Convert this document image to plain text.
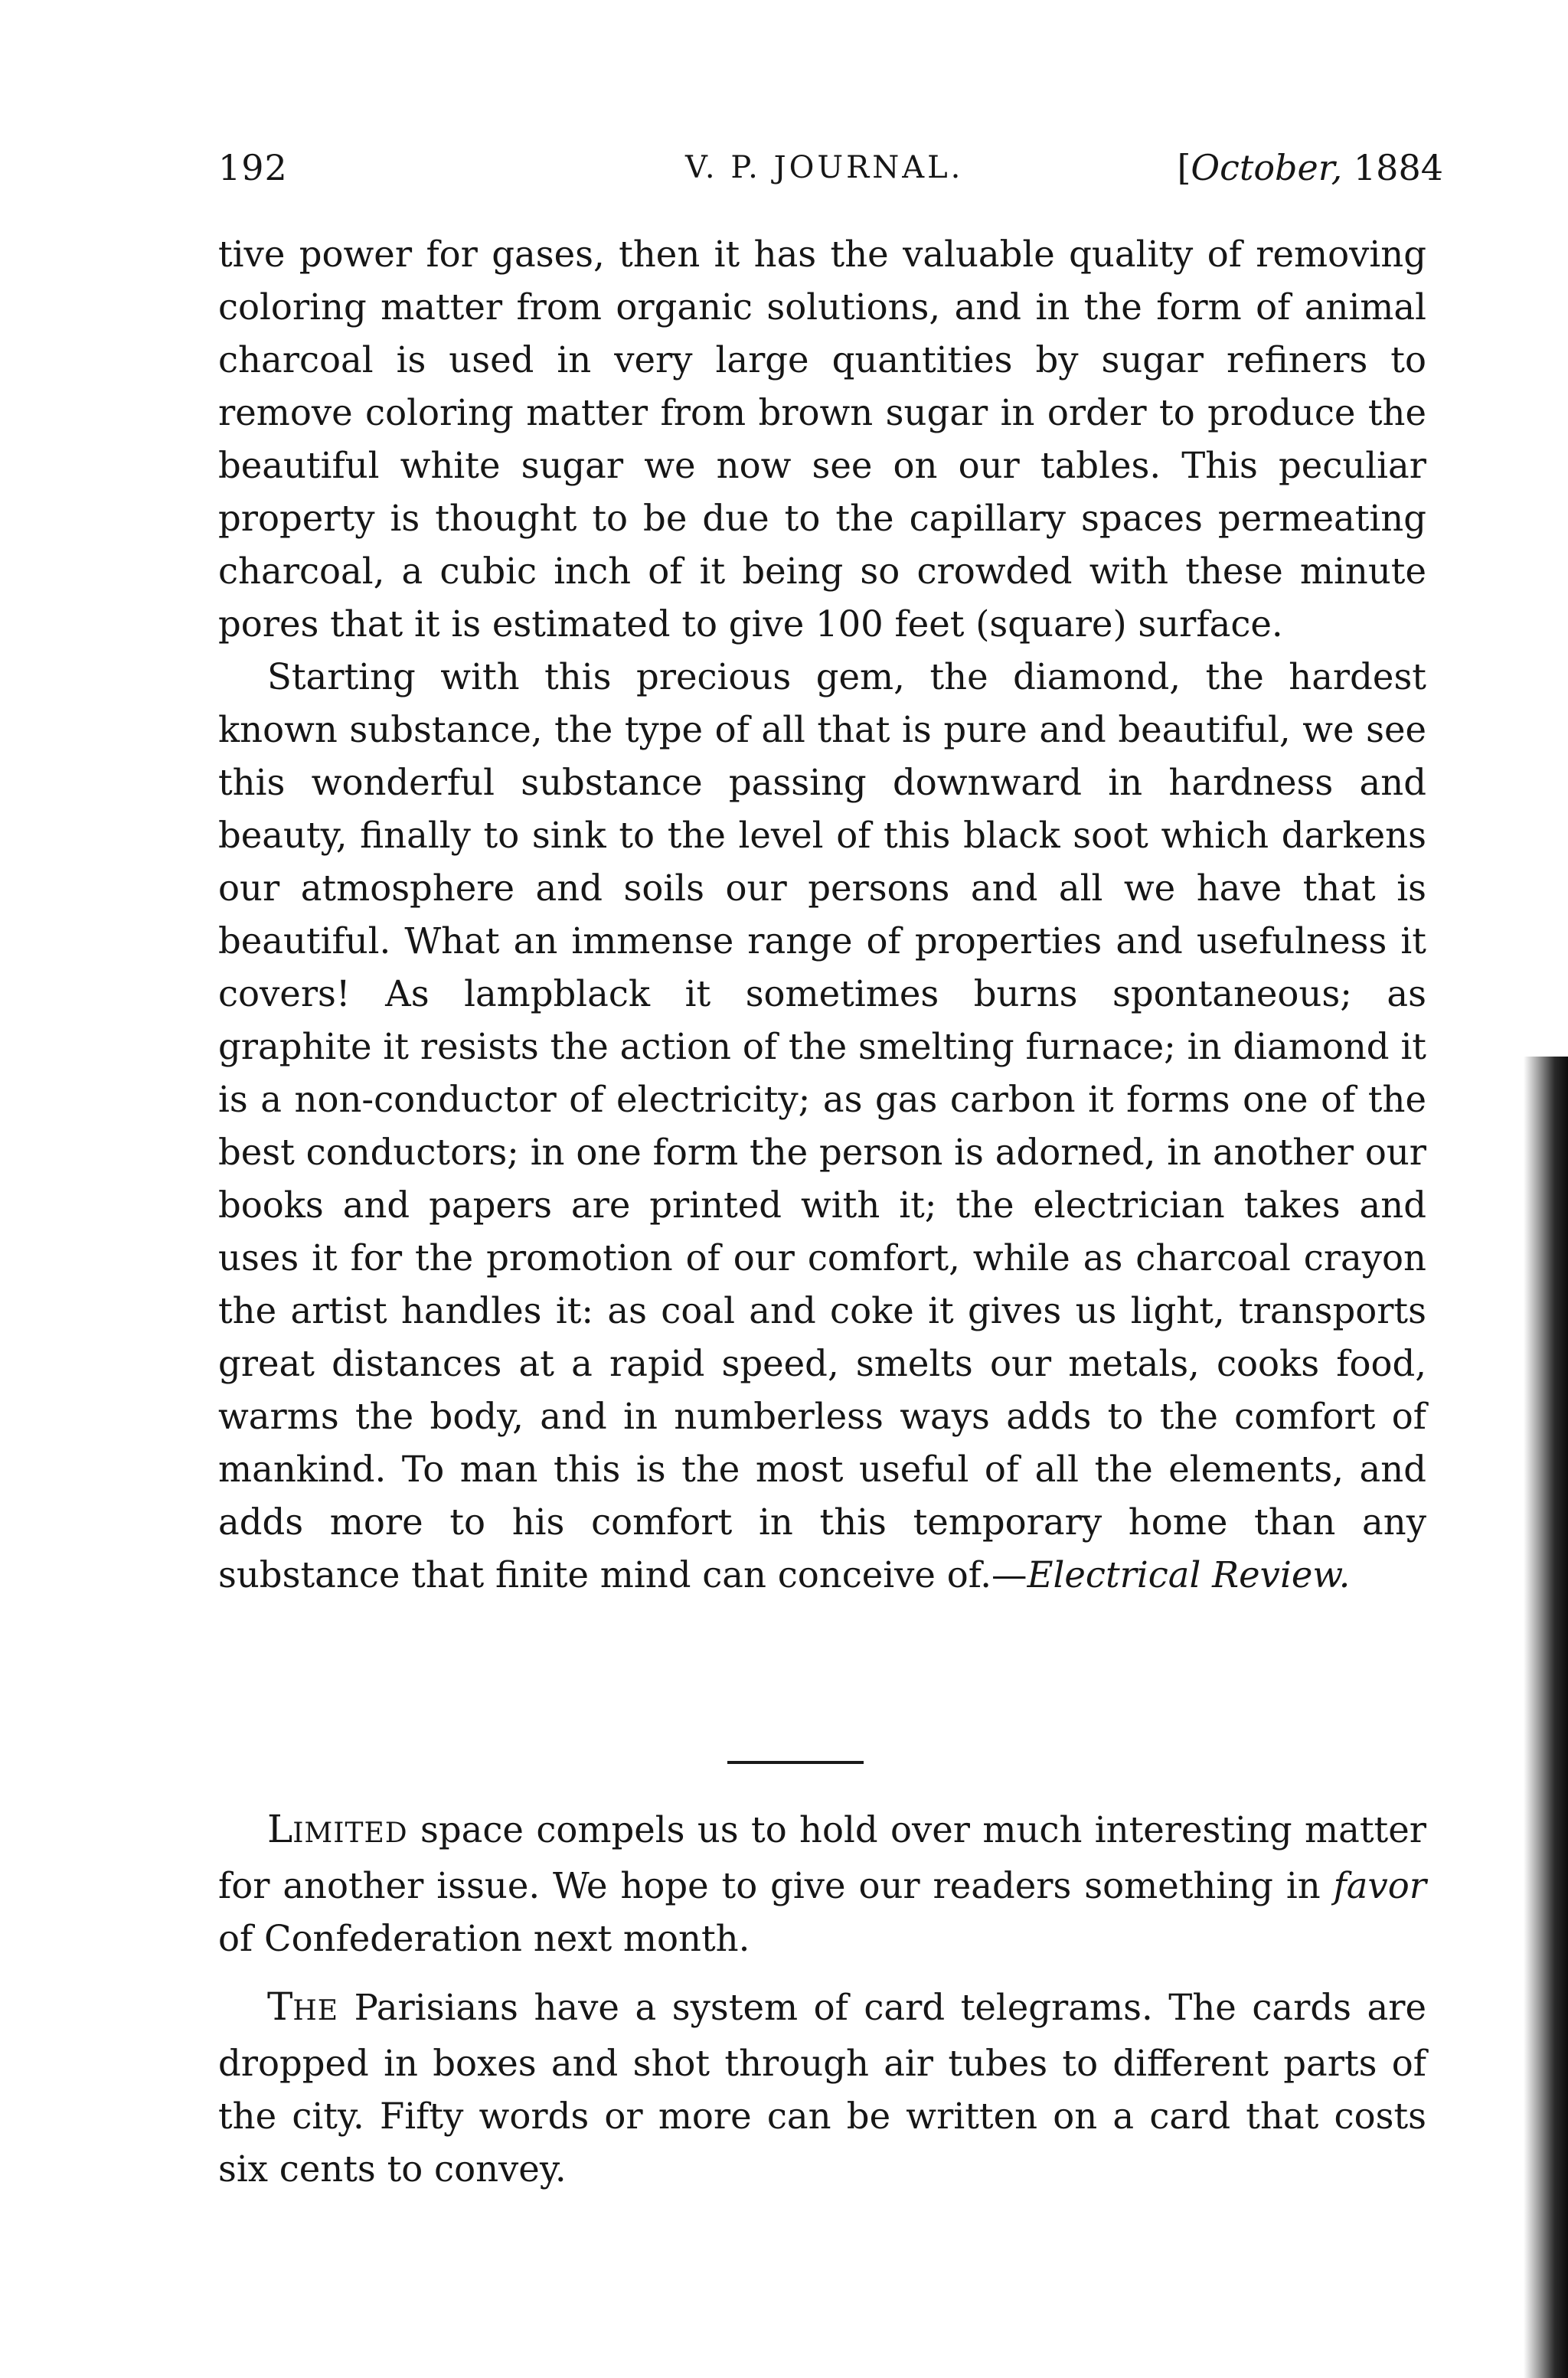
192	V. P. JOURNAL.	[October, 1884

tive power for gases, then it has the valuable quality of removing coloring matter from organic solutions, and in the form of animal charcoal is used in very large quantities by sugar refiners to remove coloring matter from brown sugar in order to produce the beautiful white sugar we now see on our tables. This peculiar property is thought to be due to the capillary spaces permeating charcoal, a cubic inch of it being so crowded with these minute pores that it is estimated to give 100 feet (square) surface.

Starting with this precious gem, the diamond, the hardest known substance, the type of all that is pure and beautiful, we see this wonderful substance passing downward in hardness and beauty, finally to sink to the level of this black soot which darkens our atmosphere and soils our persons and all we have that is beautiful. What an immense range of properties and usefulness it covers! As lampblack it sometimes burns spontaneous; as graphite it resists the action of the smelting furnace; in diamond it is a non-conductor of electricity; as gas carbon it forms one of the best conductors; in one form the person is adorned, in another our books and papers are printed with it; the electrician takes and uses it for the promotion of our comfort, while as charcoal crayon the artist handles it: as coal and coke it gives us light, transports great distances at a rapid speed, smelts our metals, cooks food, warms the body, and in numberless ways adds to the comfort of mankind. To man this is the most useful of all the elements, and adds more to his comfort in this temporary home than any substance that finite mind can conceive of.—Electrical Review.

LIMITED space compels us to hold over much interesting matter for another issue. We hope to give our readers something in favor of Confederation next month.

THE Parisians have a system of card telegrams. The cards are dropped in boxes and shot through air tubes to different parts of the city. Fifty words or more can be written on a card that costs six cents to convey.
